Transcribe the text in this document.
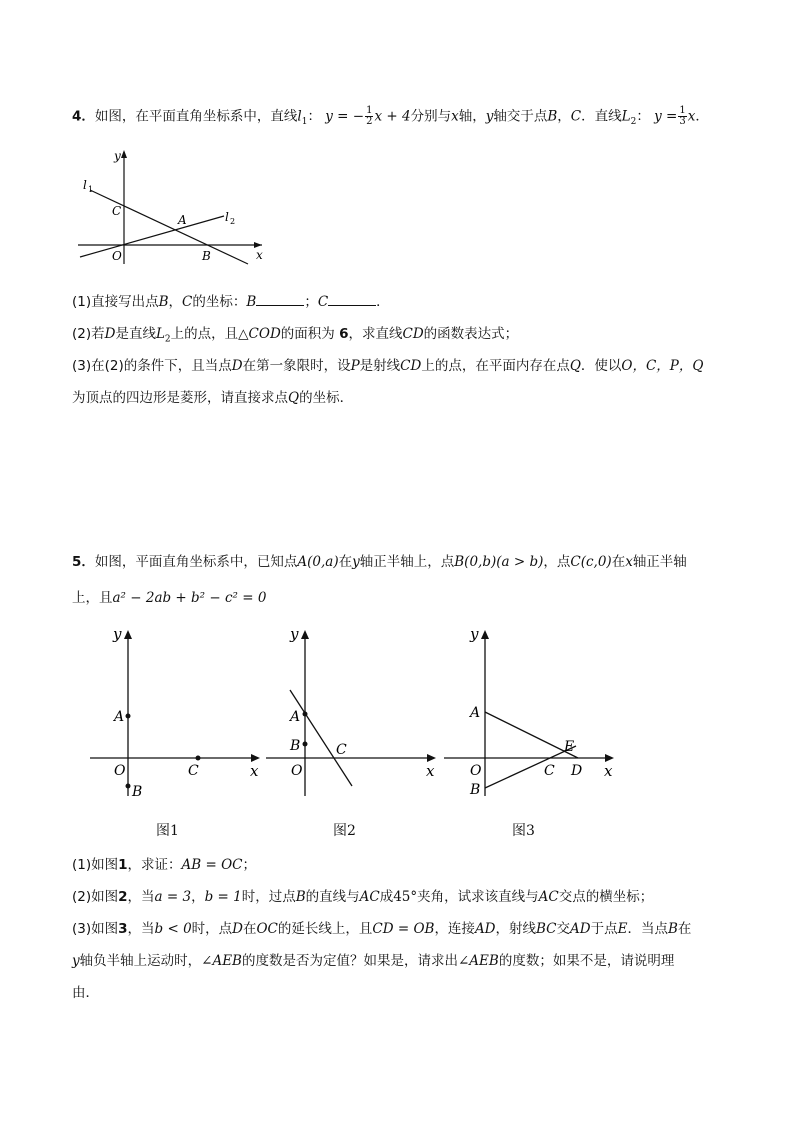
4．如图，在平面直角坐标系中，直线$l_1$： y = − $\frac{1}{2}$ x + 4分别与x轴，y轴交于点B，C．直线$L_2$： $y = \frac{1}{3}$ x．
y
x
l 1
l 2
C
A
O	B
(1)直接写出点B，C的坐标：B	；C	．
(2)若D是直线$L_2$上的点，且△COD的面积为 6，求直线CD的函数表达式；
(3)在(2)的条件下，且当点D在第一象限时，设P是射线CD上的点，在平面内存在点Q．使以O，C，P，Q
为顶点的四边形是菱形，请直接求点Q的坐标．
5．如图，平面直角坐标系中，已知点A(0,a)在y轴正半轴上，点B(0,b)(a > b)，点C(c,0)在x轴正半轴
上，且a² − 2ab + b² − c² = 0
y
A
O	C	x
B
图1
y
A
B	C
O	x
图2
y
A
E
O	C D x
B
图3
(1)如图1，求证：AB = OC；
(2)如图2，当a = 3，b = 1时，过点B的直线与AC成45°夹角，试求该直线与AC交点的横坐标；
(3)如图3，当b < 0时，点D在OC的延长线上，且CD = OB，连接AD，射线BC交AD于点E．当点B在
y轴负半轴上运动时，∠AEB的度数是否为定值？如果是，请求出∠AEB的度数；如果不是，请说明理
由．
